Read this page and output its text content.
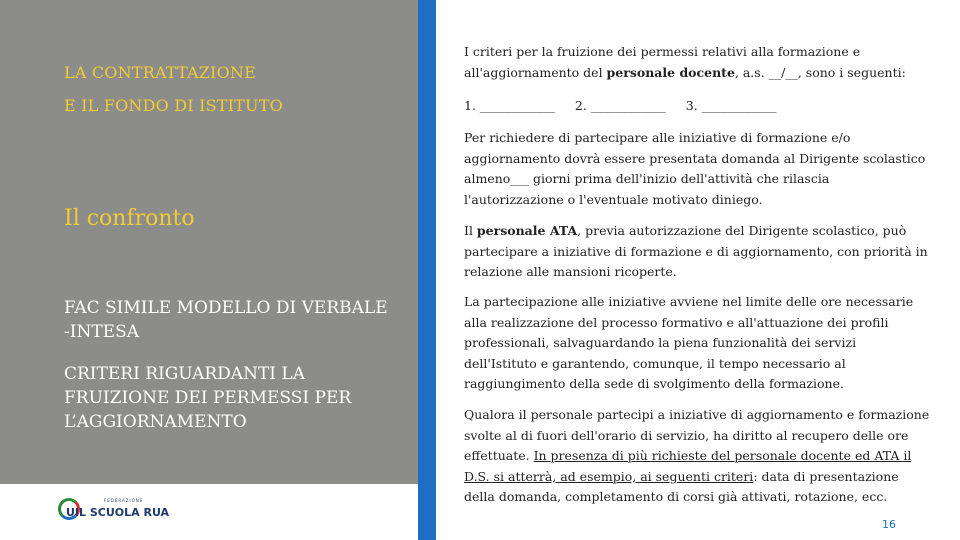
LA CONTRATTAZIONE
E IL FONDO DI ISTITUTO
Il confronto
FAC SIMILE MODELLO DI VERBALE -INTESA
CRITERI RIGUARDANTI LA FRUIZIONE DEI PERMESSI PER L’AGGIORNAMENTO
FEDERAZIONE
UIL SCUOLA RUA

I criteri per la fruizione dei permessi relativi alla formazione e all'aggiornamento del personale docente, a.s. __/__, sono i seguenti:

1. ____________ 2. ____________ 3. ____________

Per richiedere di partecipare alle iniziative di formazione e/o aggiornamento dovrà essere presentata domanda al Dirigente scolastico almeno___ giorni prima dell'inizio dell'attività che rilascia l'autorizzazione o l'eventuale motivato diniego.

Il personale ATA, previa autorizzazione del Dirigente scolastico, può partecipare a iniziative di formazione e di aggiornamento, con priorità in relazione alle mansioni ricoperte.

La partecipazione alle iniziative avviene nel limite delle ore necessarie alla realizzazione del processo formativo e all'attuazione dei profili professionali, salvaguardando la piena funzionalità dei servizi dell'Istituto e garantendo, comunque, il tempo necessario al raggiungimento della sede di svolgimento della formazione.

Qualora il personale partecipi a iniziative di aggiornamento e formazione svolte al di fuori dell'orario di servizio, ha diritto al recupero delle ore effettuate. In presenza di più richieste del personale docente ed ATA il D.S. si atterrà, ad esempio, ai seguenti criteri: data di presentazione della domanda, completamento di corsi già attivati, rotazione, ecc.

16
